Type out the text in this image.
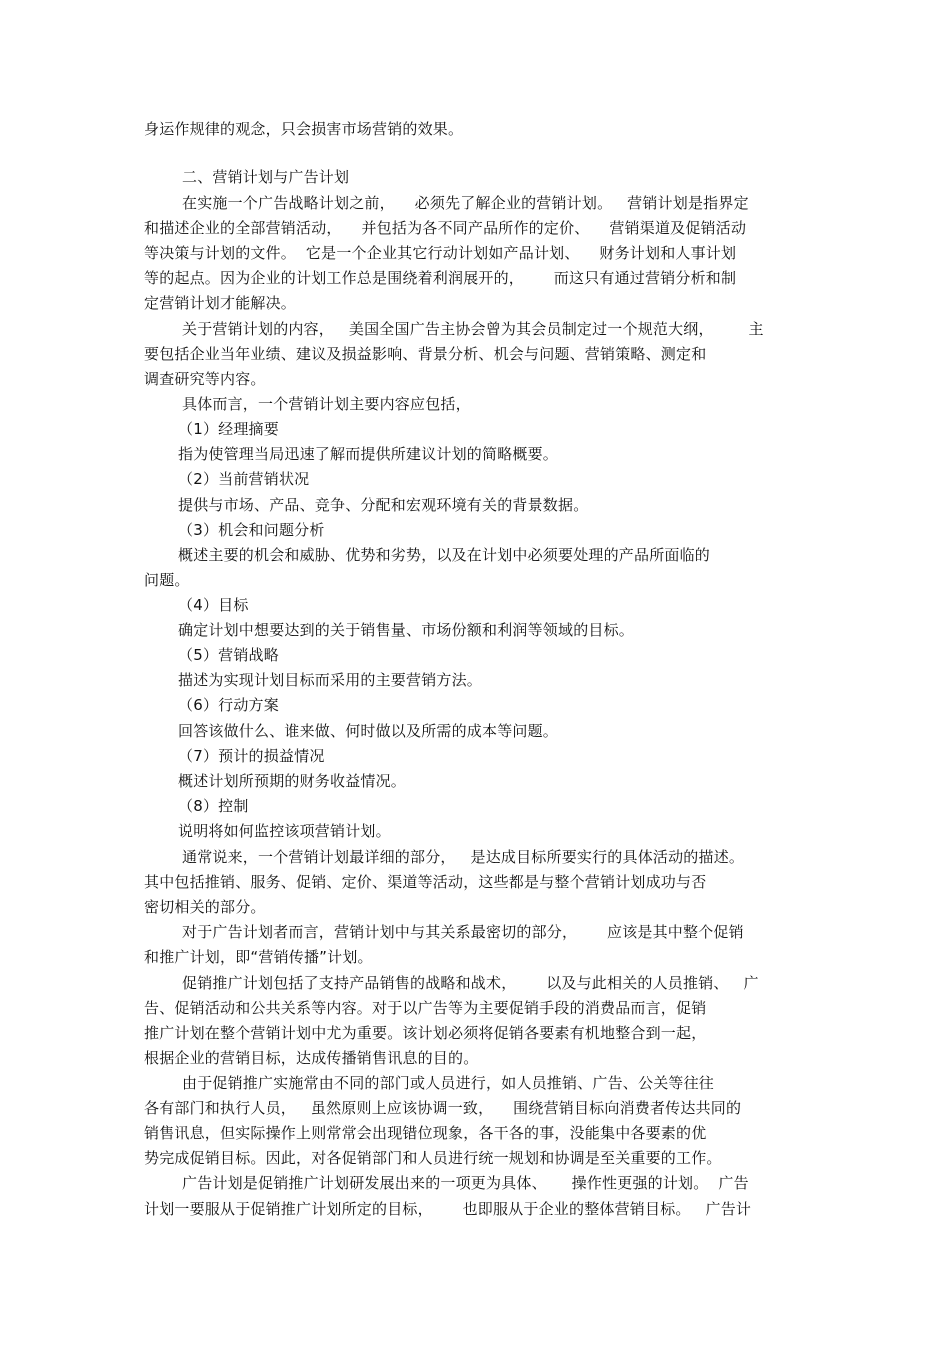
身运作规律的观念，只会损害市场营销的效果。
二、营销计划与广告计划
在实施一个广告战略计划之前，    必须先了解企业的营销计划。   营销计划是指界定
和描述企业的全部营销活动，    并包括为各不同产品所作的定价、    营销渠道及促销活动
等决策与计划的文件。  它是一个企业其它行动计划如产品计划、    财务计划和人事计划
等的起点。因为企业的计划工作总是围绕着利润展开的，      而这只有通过营销分析和制
定营销计划才能解决。
关于营销计划的内容，   美国全国广告主协会曾为其会员制定过一个规范大纲，       主
要包括企业当年业绩、建议及损益影响、背景分析、机会与问题、营销策略、测定和
调查研究等内容。
具体而言，一个营销计划主要内容应包括，
（1）经理摘要
指为使管理当局迅速了解而提供所建议计划的简略概要。
（2）当前营销状况
提供与市场、产品、竞争、分配和宏观环境有关的背景数据。
（3）机会和问题分析
概述主要的机会和威胁、优势和劣势，以及在计划中必须要处理的产品所面临的
问题。
（4）目标
确定计划中想要达到的关于销售量、市场份额和利润等领域的目标。
（5）营销战略
描述为实现计划目标而采用的主要营销方法。
（6）行动方案
回答该做什么、谁来做、何时做以及所需的成本等问题。
（7）预计的损益情况
概述计划所预期的财务收益情况。
（8）控制
说明将如何监控该项营销计划。
通常说来，一个营销计划最详细的部分，   是达成目标所要实行的具体活动的描述。
其中包括推销、服务、促销、定价、渠道等活动，这些都是与整个营销计划成功与否
密切相关的部分。
对于广告计划者而言，营销计划中与其关系最密切的部分，      应该是其中整个促销
和推广计划，即“营销传播”计划。
促销推广计划包括了支持产品销售的战略和战术，      以及与此相关的人员推销、   广
告、促销活动和公共关系等内容。对于以广告等为主要促销手段的消费品而言，促销
推广计划在整个营销计划中尤为重要。该计划必须将促销各要素有机地整合到一起，
根据企业的营销目标，达成传播销售讯息的目的。
由于促销推广实施常由不同的部门或人员进行，如人员推销、广告、公关等往往
各有部门和执行人员，   虽然原则上应该协调一致，    围绕营销目标向消费者传达共同的
销售讯息，但实际操作上则常常会出现错位现象，各干各的事，没能集中各要素的优
势完成促销目标。因此，对各促销部门和人员进行统一规划和协调是至关重要的工作。
广告计划是促销推广计划研发展出来的一项更为具体、     操作性更强的计划。  广告
计划一要服从于促销推广计划所定的目标，      也即服从于企业的整体营销目标。   广告计
